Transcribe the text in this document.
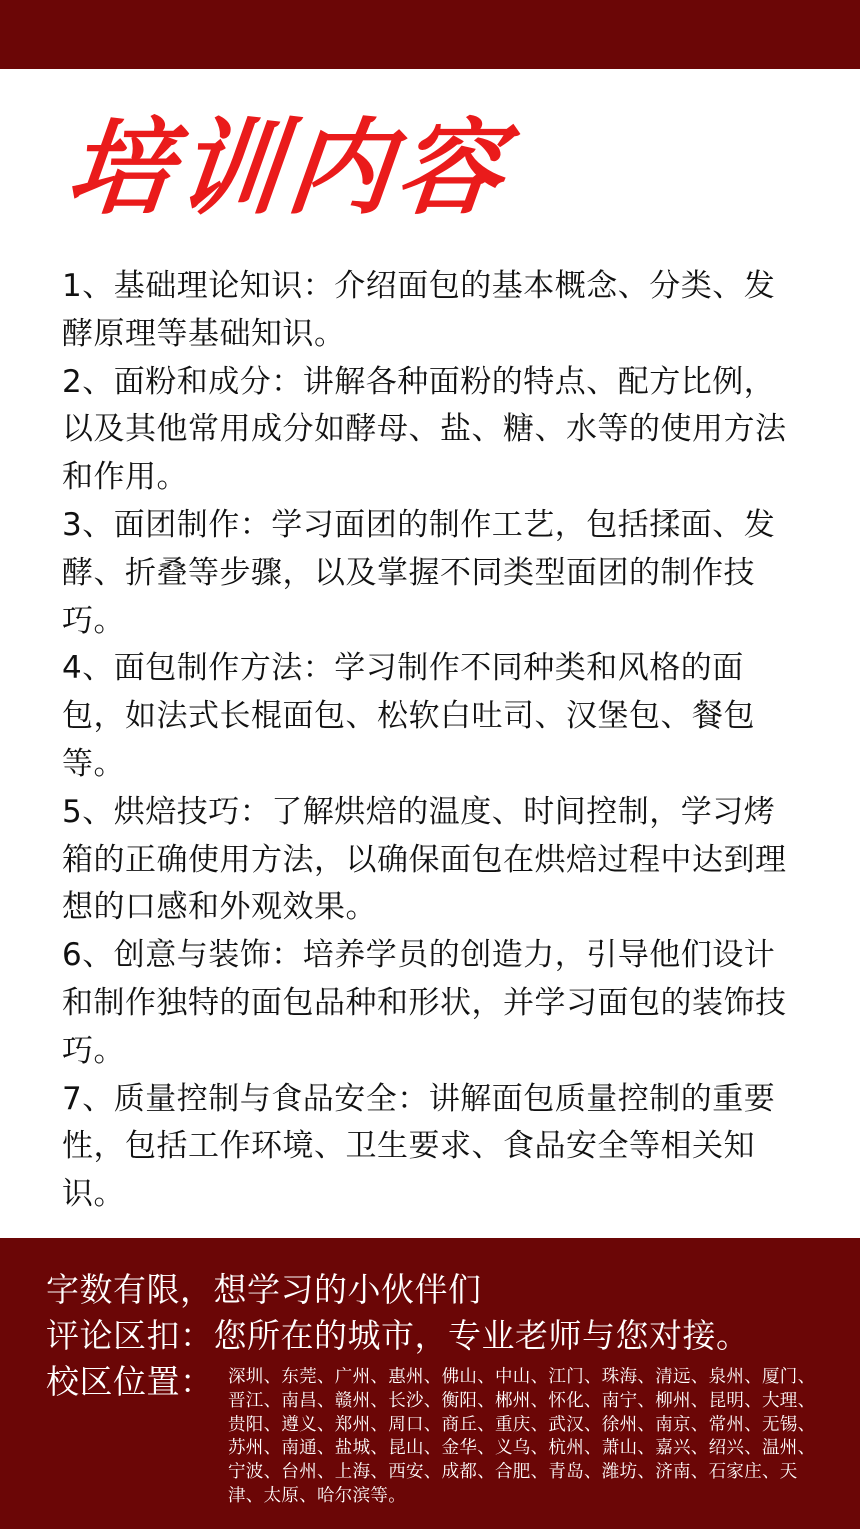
培训内容

1、基础理论知识：介绍面包的基本概念、分类、发酵原理等基础知识。

2、面粉和成分：讲解各种面粉的特点、配方比例，以及其他常用成分如酵母、盐、糖、水等的使用方法和作用。

3、面团制作：学习面团的制作工艺，包括揉面、发酵、折叠等步骤，以及掌握不同类型面团的制作技巧。

4、面包制作方法：学习制作不同种类和风格的面包，如法式长棍面包、松软白吐司、汉堡包、餐包等。

5、烘焙技巧：了解烘焙的温度、时间控制，学习烤箱的正确使用方法，以确保面包在烘焙过程中达到理想的口感和外观效果。

6、创意与装饰：培养学员的创造力，引导他们设计和制作独特的面包品种和形状，并学习面包的装饰技巧。

7、质量控制与食品安全：讲解面包质量控制的重要性，包括工作环境、卫生要求、食品安全等相关知识。

字数有限，想学习的小伙伴们
评论区扣：您所在的城市，专业老师与您对接。
校区位置： 深圳、东莞、广州、惠州、佛山、中山、江门、珠海、清远、泉州、厦门、晋江、南昌、赣州、长沙、衡阳、郴州、怀化、南宁、柳州、昆明、大理、贵阳、遵义、郑州、周口、商丘、重庆、武汉、徐州、南京、常州、无锡、苏州、南通、盐城、昆山、金华、义乌、杭州、萧山、嘉兴、绍兴、温州、宁波、台州、上海、西安、成都、合肥、青岛、潍坊、济南、石家庄、天津、太原、哈尔滨等。
